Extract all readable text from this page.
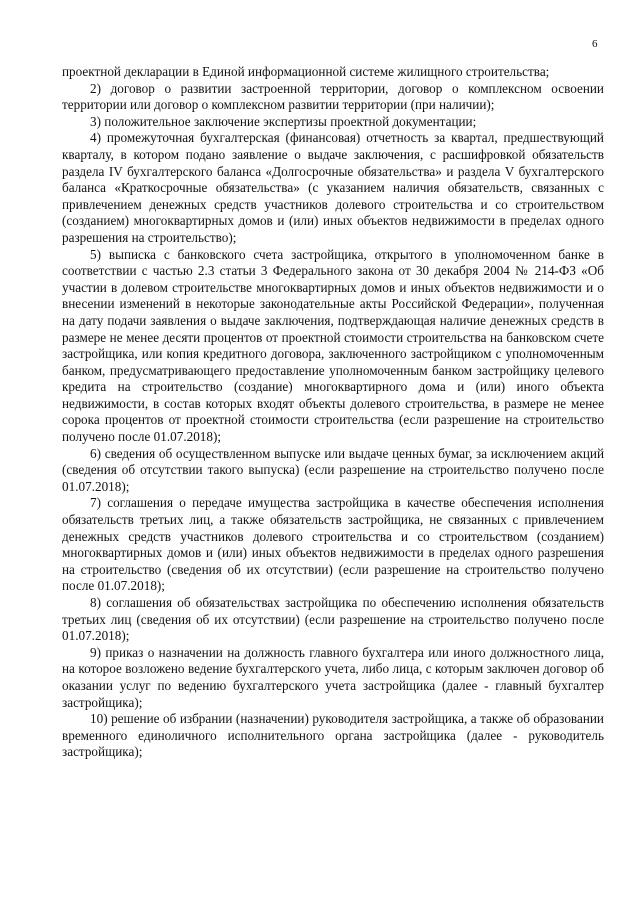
6

проектной декларации в Единой информационной системе жилищного строительства;

2) договор о развитии застроенной территории, договор о комплексном освоении территории или договор о комплексном развитии территории (при наличии);

3) положительное заключение экспертизы проектной документации;

4) промежуточная бухгалтерская (финансовая) отчетность за квартал, предшествующий кварталу, в котором подано заявление о выдаче заключения, с расшифровкой обязательств раздела IV бухгалтерского баланса «Долгосрочные обязательства» и раздела V бухгалтерского баланса «Краткосрочные обязательства» (с указанием наличия обязательств, связанных с привлечением денежных средств участников долевого строительства и со строительством (созданием) многоквартирных домов и (или) иных объектов недвижимости в пределах одного разрешения на строительство);

5) выписка с банковского счета застройщика, открытого в уполномоченном банке в соответствии с частью 2.3 статьи 3 Федерального закона от 30 декабря 2004 № 214-ФЗ «Об участии в долевом строительстве многоквартирных домов и иных объектов недвижимости и о внесении изменений в некоторые законодательные акты Российской Федерации», полученная на дату подачи заявления о выдаче заключения, подтверждающая наличие денежных средств в размере не менее десяти процентов от проектной стоимости строительства на банковском счете застройщика, или копия кредитного договора, заключенного застройщиком с уполномоченным банком, предусматривающего предоставление уполномоченным банком застройщику целевого кредита на строительство (создание) многоквартирного дома и (или) иного объекта недвижимости, в состав которых входят объекты долевого строительства, в размере не менее сорока процентов от проектной стоимости строительства (если разрешение на строительство получено после 01.07.2018);

6) сведения об осуществленном выпуске или выдаче ценных бумаг, за исключением акций (сведения об отсутствии такого выпуска) (если разрешение на строительство получено после 01.07.2018);

7) соглашения о передаче имущества застройщика в качестве обеспечения исполнения обязательств третьих лиц, а также обязательств застройщика, не связанных с привлечением денежных средств участников долевого строительства и со строительством (созданием) многоквартирных домов и (или) иных объектов недвижимости в пределах одного разрешения на строительство (сведения об их отсутствии) (если разрешение на строительство получено после 01.07.2018);

8) соглашения об обязательствах застройщика по обеспечению исполнения обязательств третьих лиц (сведения об их отсутствии) (если разрешение на строительство получено после 01.07.2018);

9) приказ о назначении на должность главного бухгалтера или иного должностного лица, на которое возложено ведение бухгалтерского учета, либо лица, с которым заключен договор об оказании услуг по ведению бухгалтерского учета застройщика (далее - главный бухгалтер застройщика);

10) решение об избрании (назначении) руководителя застройщика, а также об образовании временного единоличного исполнительного органа застройщика (далее - руководитель застройщика);
